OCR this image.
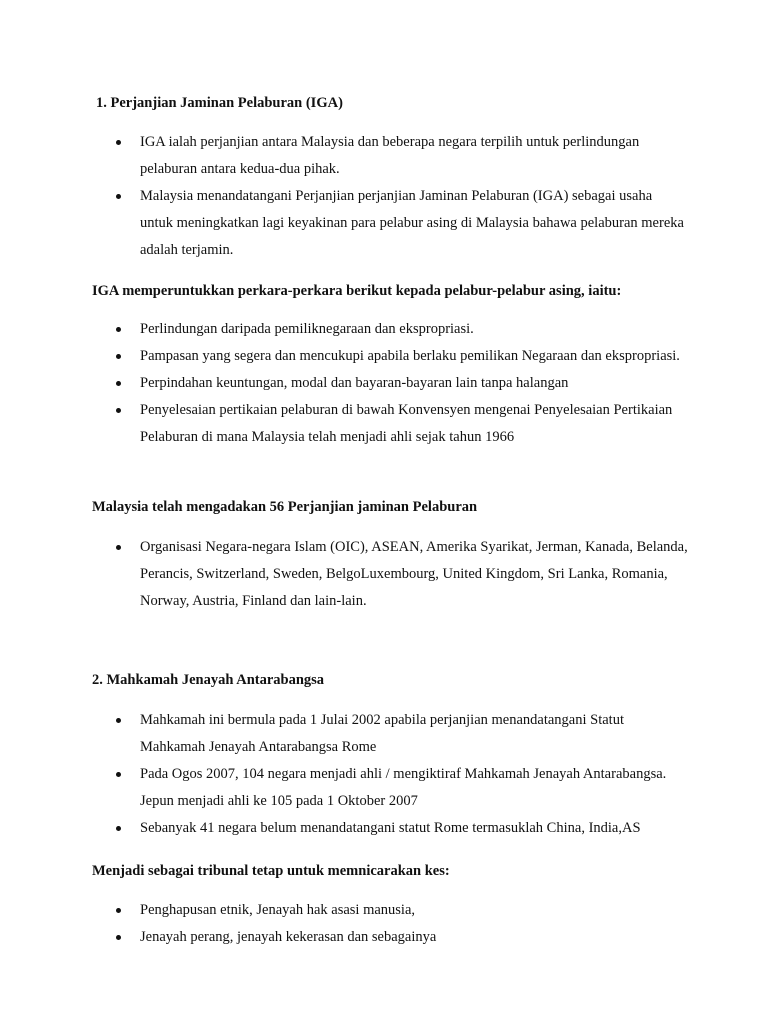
1. Perjanjian Jaminan Pelaburan (IGA)
IGA ialah perjanjian antara Malaysia dan beberapa negara terpilih untuk perlindungan pelaburan antara kedua-dua pihak.
Malaysia menandatangani Perjanjian perjanjian Jaminan Pelaburan (IGA) sebagai usaha untuk meningkatkan lagi keyakinan para pelabur asing di Malaysia bahawa pelaburan mereka adalah terjamin.
IGA memperuntukkan perkara-perkara berikut kepada pelabur-pelabur asing, iaitu:
Perlindungan daripada pemiliknegaraan dan ekspropriasi.
Pampasan yang segera dan mencukupi apabila berlaku pemilikan Negaraan dan ekspropriasi.
Perpindahan keuntungan, modal dan bayaran-bayaran lain tanpa halangan
Penyelesaian pertikaian pelaburan di bawah Konvensyen mengenai Penyelesaian Pertikaian Pelaburan di mana Malaysia telah menjadi ahli sejak tahun 1966
Malaysia telah mengadakan 56 Perjanjian jaminan Pelaburan
Organisasi Negara-negara Islam (OIC), ASEAN, Amerika Syarikat, Jerman, Kanada, Belanda, Perancis, Switzerland, Sweden, BelgoLuxembourg, United Kingdom, Sri Lanka, Romania, Norway, Austria, Finland dan lain-lain.
2. Mahkamah Jenayah Antarabangsa
Mahkamah ini bermula pada 1 Julai 2002 apabila perjanjian menandatangani Statut Mahkamah Jenayah Antarabangsa Rome
Pada Ogos 2007, 104 negara menjadi ahli / mengiktiraf Mahkamah Jenayah Antarabangsa. Jepun menjadi ahli ke 105 pada 1 Oktober 2007
Sebanyak 41 negara belum menandatangani statut Rome termasuklah China, India,AS
Menjadi sebagai tribunal tetap untuk memnicarakan kes:
Penghapusan etnik, Jenayah hak asasi manusia,
Jenayah perang, jenayah kekerasan dan sebagainya
